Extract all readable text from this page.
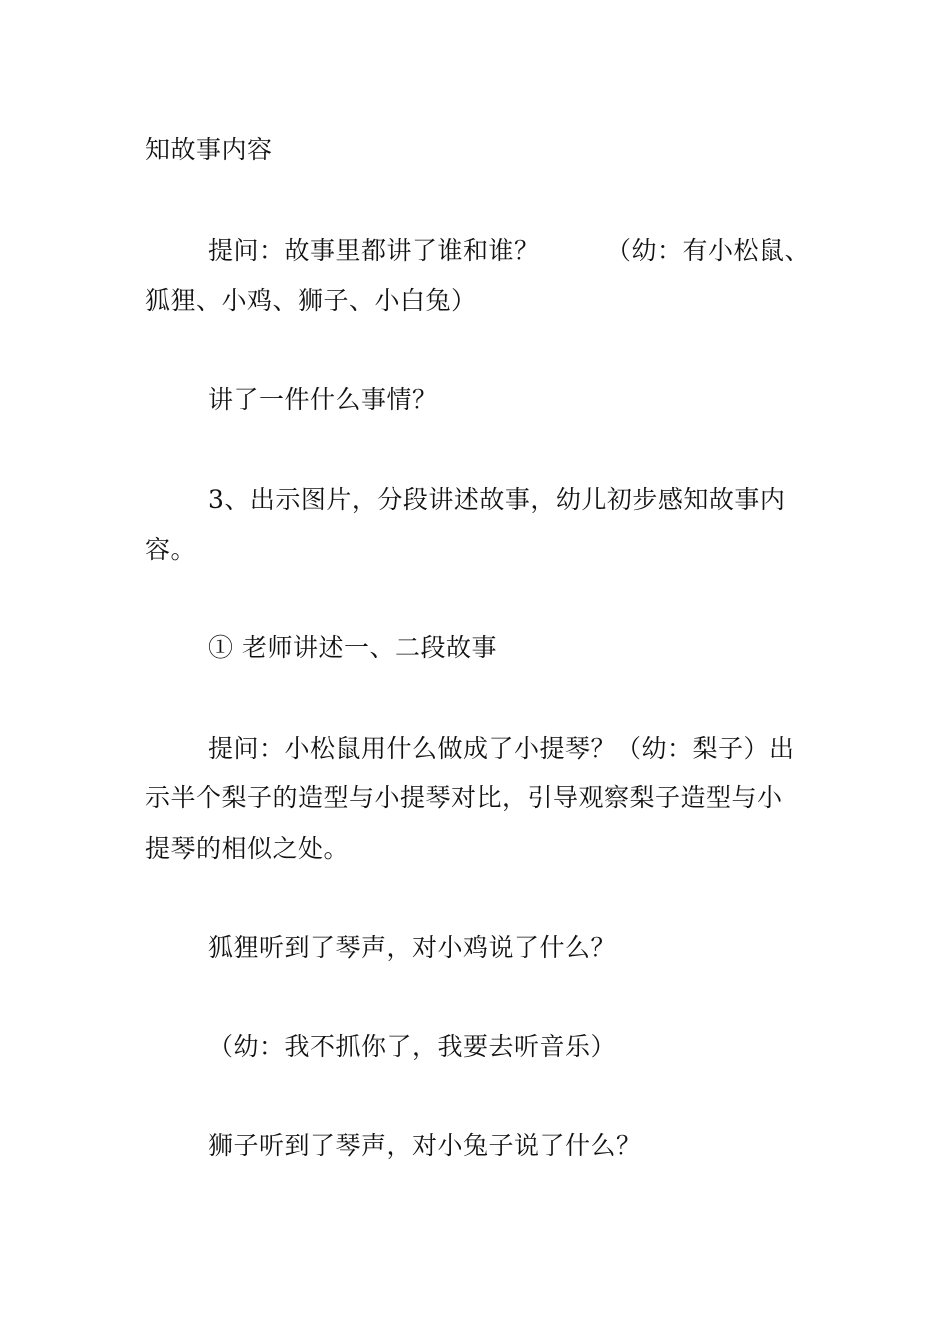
知故事内容
提问：故事里都讲了谁和谁？	（幼：有小松鼠、
狐狸、小鸡、狮子、小白兔）
讲了一件什么事情？
3、出示图片，分段讲述故事，幼儿初步感知故事内
容。
① 老师讲述一、二段故事
提问：小松鼠用什么做成了小提琴？（幼：梨子）出
示半个梨子的造型与小提琴对比，引导观察梨子造型与小
提琴的相似之处。
狐狸听到了琴声，对小鸡说了什么？
（幼：我不抓你了，我要去听音乐）
狮子听到了琴声，对小兔子说了什么？
